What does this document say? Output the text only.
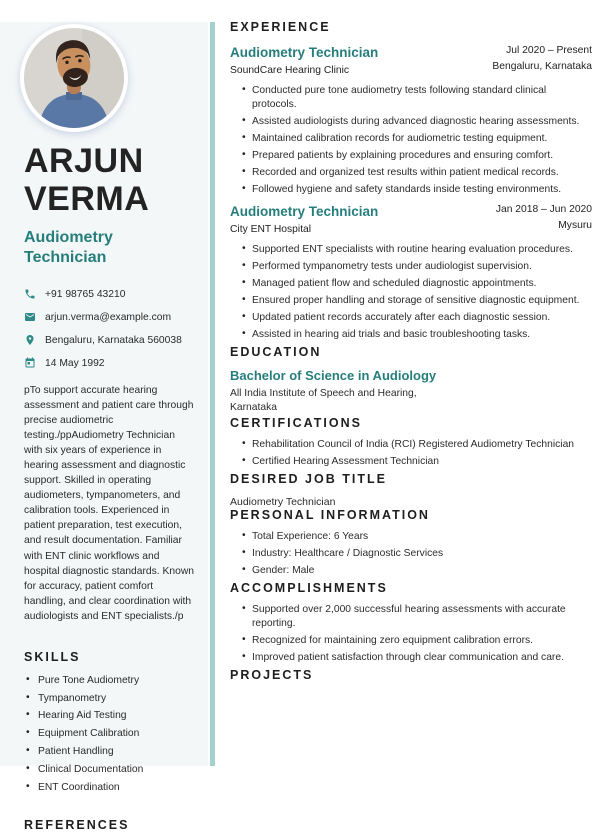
ARJUN
VERMA
Audiometry
Technician
+91 98765 43210
arjun.verma@example.com
Bengaluru, Karnataka 560038
14 May 1992

pTo support accurate hearing assessment and patient care through precise audiometric testing./ppAudiometry Technician with six years of experience in hearing assessment and diagnostic support. Skilled in operating audiometers, tympanometers, and calibration tools. Experienced in patient preparation, test execution, and result documentation. Familiar with ENT clinic workflows and hospital diagnostic standards. Known for accuracy, patient comfort handling, and clear coordination with audiologists and ENT specialists./p

SKILLS
• Pure Tone Audiometry
• Tympanometry
• Hearing Aid Testing
• Equipment Calibration
• Patient Handling
• Clinical Documentation
• ENT Coordination
REFERENCES
EXPERIENCE
Audiometry Technician
SoundCare Hearing Clinic
Jul 2020 – Present
Bengaluru, Karnataka
• Conducted pure tone audiometry tests following standard clinical protocols.
• Assisted audiologists during advanced diagnostic hearing assessments.
• Maintained calibration records for audiometric testing equipment.
• Prepared patients by explaining procedures and ensuring comfort.
• Recorded and organized test results within patient medical records.
• Followed hygiene and safety standards inside testing environments.
Audiometry Technician
City ENT Hospital
Jan 2018 – Jun 2020
Mysuru
• Supported ENT specialists with routine hearing evaluation procedures.
• Performed tympanometry tests under audiologist supervision.
• Managed patient flow and scheduled diagnostic appointments.
• Ensured proper handling and storage of sensitive diagnostic equipment.
• Updated patient records accurately after each diagnostic session.
• Assisted in hearing aid trials and basic troubleshooting tasks.
EDUCATION
Bachelor of Science in Audiology
All India Institute of Speech and Hearing,
Karnataka
CERTIFICATIONS
• Rehabilitation Council of India (RCI) Registered Audiometry Technician
• Certified Hearing Assessment Technician
DESIRED JOB TITLE
Audiometry Technician
PERSONAL INFORMATION
• Total Experience: 6 Years
• Industry: Healthcare / Diagnostic Services
• Gender: Male
ACCOMPLISHMENTS
• Supported over 2,000 successful hearing assessments with accurate reporting.
• Recognized for maintaining zero equipment calibration errors.
• Improved patient satisfaction through clear communication and care.
PROJECTS
